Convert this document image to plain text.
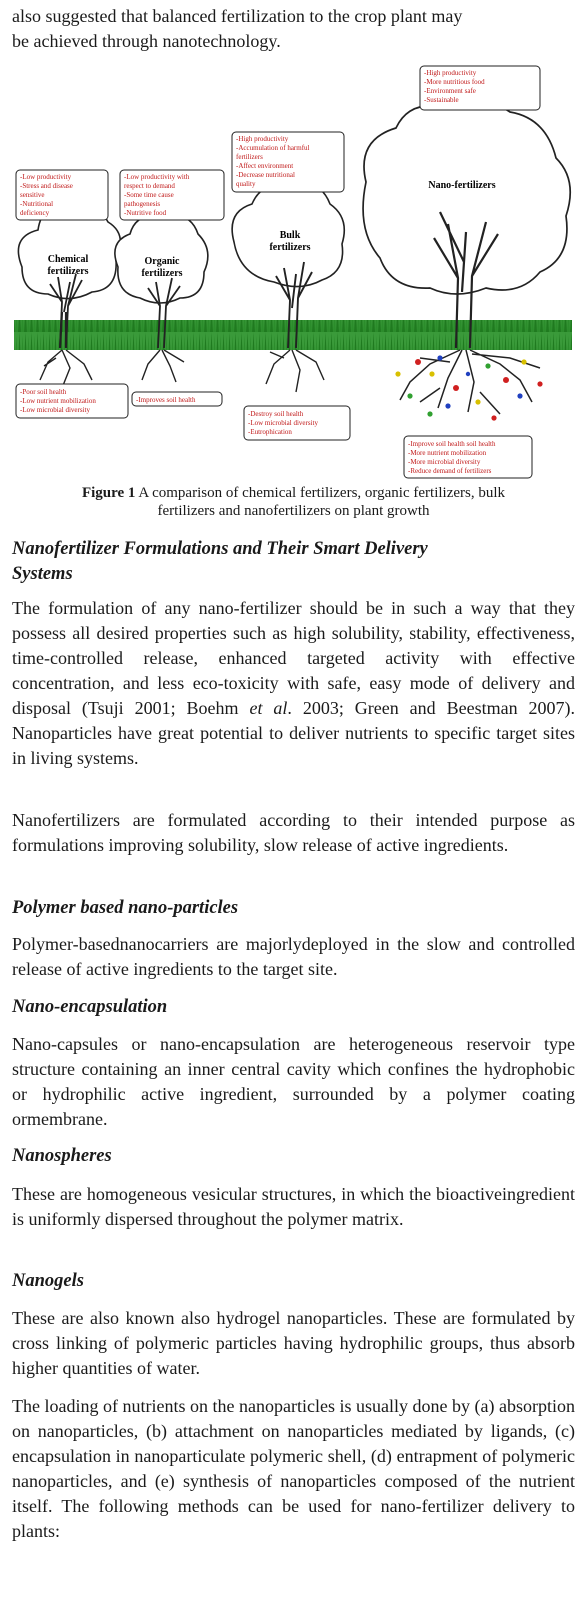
also suggested that balanced fertilization to the crop plant may

be achieved through nanotechnology.

Chemical
fertilizers
Organic
fertilizers
Bulk
fertilizers
Nano-fertilizers
-Low productivity -Stress and disease sensitive -Nutritional deficiency
-Low productivity with respect to demand -Some time cause pathogenesis -Nutritive food
-High productivity -Accumulation of harmful fertilizers -Affect environment -Decrease nutritional quality
-High productivity -More nutritious food -Environment safe -Sustainable
-Poor soil health -Low nutrient mobilization -Low microbial diversity
-Improves soil health
-Destroy soil health -Low microbial diversity -Eutrophication
-Improve soil health soil health -More nutrient mobilization -More microbial diversity -Reduce demand of fertilizers

Figure 1 A comparison of chemical fertilizers, organic fertilizers, bulk

fertilizers and nanofertilizers on plant growth

Nanofertilizer Formulations and Their Smart Delivery

Systems

The formulation of any nano-fertilizer should be in such a way that they possess all desired properties such as high solubility, stability, effectiveness, time-controlled release, enhanced targeted activity with effective concentration, and less eco-toxicity with safe, easy mode of delivery and disposal (Tsuji 2001; Boehm et al. 2003; Green and Beestman 2007). Nanoparticles have great potential to deliver nutrients to specific target sites in living systems.

Nanofertilizers are formulated according to their intended purpose as formulations improving solubility, slow release of active ingredients.

Polymer based nano-particles

Polymer-basednanocarriers are majorlydeployed in the slow and controlled release of active ingredients to the target site.

Nano-encapsulation

Nano-capsules or nano-encapsulation are heterogeneous reservoir type structure containing an inner central cavity which confines the hydrophobic or hydrophilic active ingredient, surrounded by a polymer coating ormembrane.

Nanospheres

These are homogeneous vesicular structures, in which the bioactiveingredient is uniformly dispersed throughout the polymer matrix.

Nanogels

These are also known also hydrogel nanoparticles. These are formulated by cross linking of polymeric particles having hydrophilic groups, thus absorb higher quantities of water.

The loading of nutrients on the nanoparticles is usually done by (a) absorption on nanoparticles, (b) attachment on nanoparticles mediated by ligands, (c) encapsulation in nanoparticulate polymeric shell, (d) entrapment of polymeric nanoparticles, and (e) synthesis of nanoparticles composed of the nutrient itself. The following methods can be used for nano-fertilizer delivery to plants:
